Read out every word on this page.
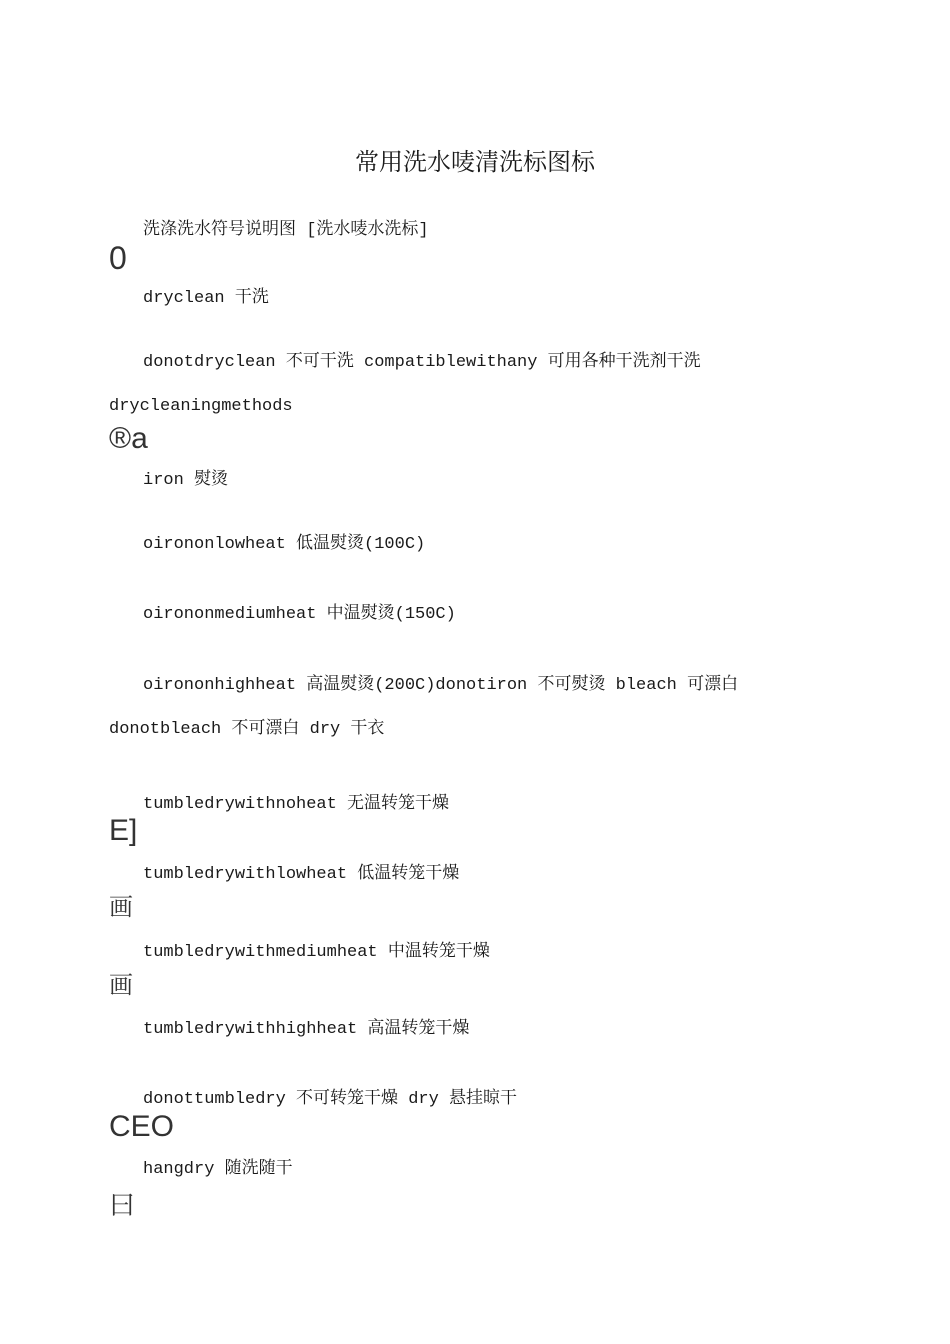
常用洗水唛清洗标图标
洗涤洗水符号说明图 [洗水唛水洗标]
0
dryclean 干洗
donotdryclean 不可干洗 compatiblewithany 可用各种干洗剂干洗
drycleaningmethods
®a
iron 熨烫
oirononlowheat 低温熨烫(100C)
oirononmediumheat 中温熨烫(150C)
oirononhighheat 高温熨烫(200C)donotiron 不可熨烫 bleach 可漂白
donotbleach 不可漂白 dry 干衣
tumbledrywithnoheat 无温转笼干燥
E]
tumbledrywithlowheat 低温转笼干燥
画
tumbledrywithmediumheat 中温转笼干燥
画
tumbledrywithhighheat 高温转笼干燥
donottumbledry 不可转笼干燥 dry 悬挂晾干
CEO
hangdry 随洗随干
曰
